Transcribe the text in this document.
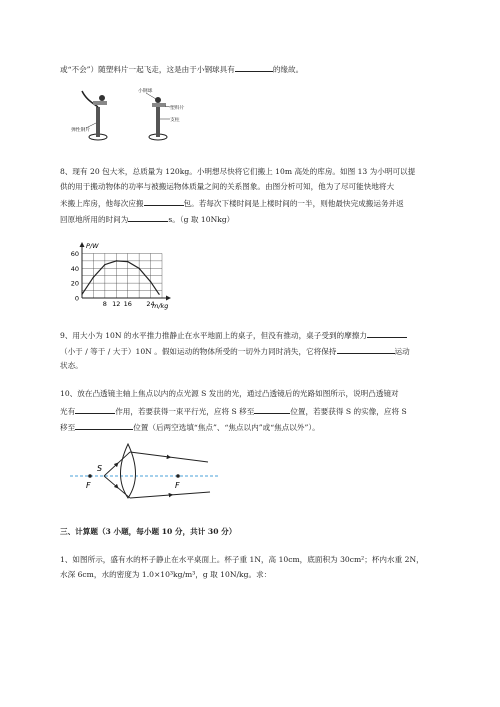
或“不会”）随塑料片一起飞走，这是由于小钢球具有	的缘故。
弹性钢片
小钢球
塑料片
支柱
8、现有 20 包大米，总质量为 120kg。小明想尽快将它们搬上 10m 高处的库房。如图 13 为小明可以提
供的用于搬动物体的功率与被搬运物体质量之间的关系图象。由图分析可知，他为了尽可能快地将大
米搬上库房，他每次应搬	包。若每次下楼时间是上楼时间的一半，则他最快完成搬运务并返
回原地所用的时间为	s。（g 取 10Nkg）
P/W
m/kg
0
20
40
60
8 12 16 24
9、用大小为 10N 的水平推力推静止在水平地面上的桌子，但没有推动，桌子受到的摩擦力
（小于 / 等于 / 大于）10N 。假如运动的物体所受的一切外力同时消失，它将保持	运动
状态。
10、放在凸透镜主轴上焦点以内的点光源 S 发出的光，通过凸透镜后的光路如图所示，说明凸透镜对
光有	作用，若要获得一束平行光，应将 S 移至	位置，若要获得 S 的实像，应将 S
移至	位置（后两空选填“焦点”、“焦点以内”或“焦点以外”）。
S
F	F
三、计算题（3 小题，每小题 10 分，共计 30 分）
1、如图所示，盛有水的杯子静止在水平桌面上。杯子重 1N，高 10cm，底面积为 30cm²；杯内水重 2N，
水深 6cm，水的密度为 1.0×10³kg/m³，g 取 10N/kg。求：
